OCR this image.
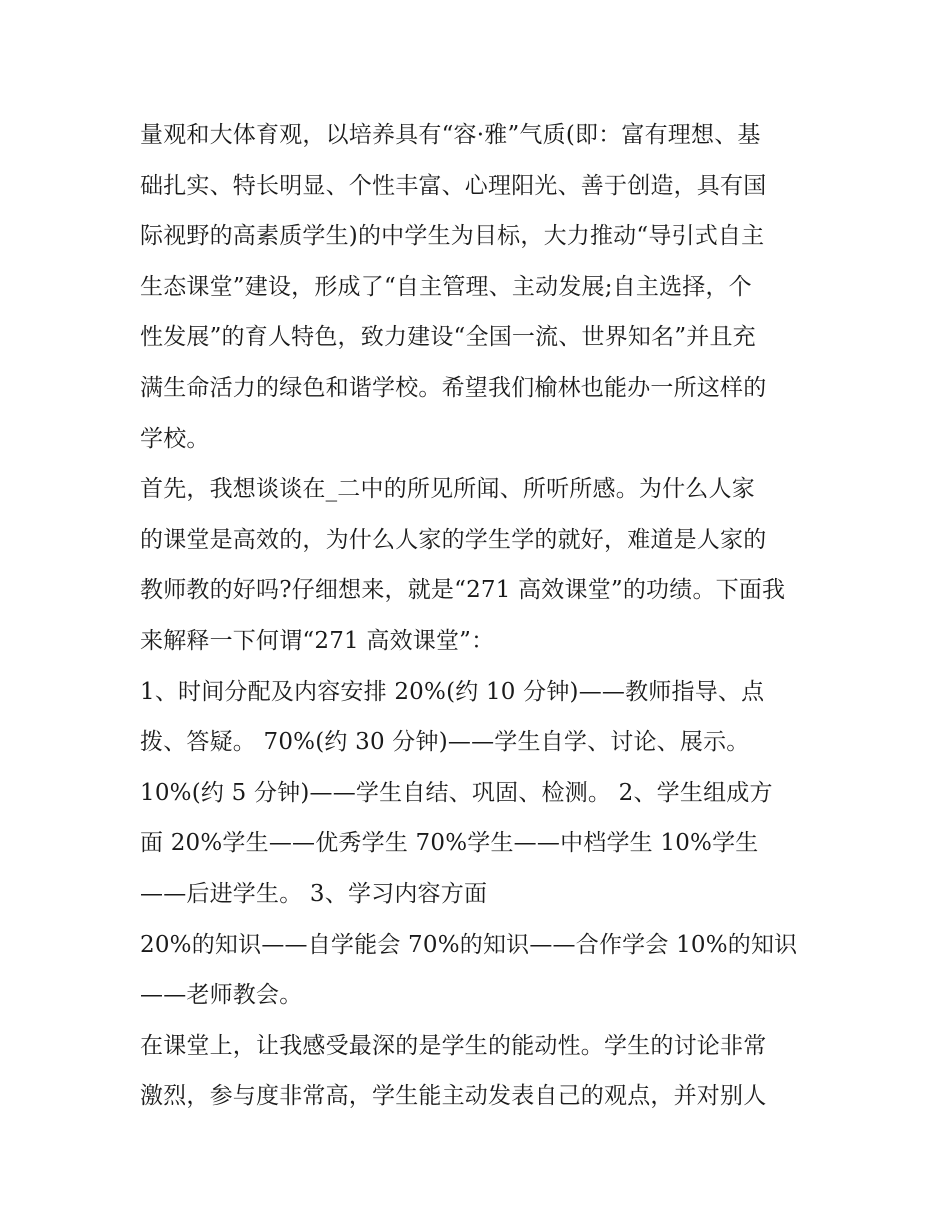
量观和大体育观，以培养具有“容·雅”气质(即：富有理想、基
础扎实、特长明显、个性丰富、心理阳光、善于创造，具有国
际视野的高素质学生)的中学生为目标，大力推动“导引式自主
生态课堂”建设，形成了“自主管理、主动发展;自主选择，个
性发展”的育人特色，致力建设“全国一流、世界知名”并且充
满生命活力的绿色和谐学校。希望我们榆林也能办一所这样的
学校。
首先，我想谈谈在_二中的所见所闻、所听所感。为什么人家
的课堂是高效的，为什么人家的学生学的就好，难道是人家的
教师教的好吗?仔细想来，就是“271 高效课堂”的功绩。下面我
来解释一下何谓“271 高效课堂”：
1、时间分配及内容安排 20%(约 10 分钟)——教师指导、点
拨、答疑。 70%(约 30 分钟)——学生自学、讨论、展示。
10%(约 5 分钟)——学生自结、巩固、检测。 2、学生组成方
面 20%学生——优秀学生 70%学生——中档学生 10%学生
——后进学生。 3、学习内容方面
20%的知识——自学能会 70%的知识——合作学会 10%的知识
——老师教会。
在课堂上，让我感受最深的是学生的能动性。学生的讨论非常
激烈，参与度非常高，学生能主动发表自己的观点，并对别人
